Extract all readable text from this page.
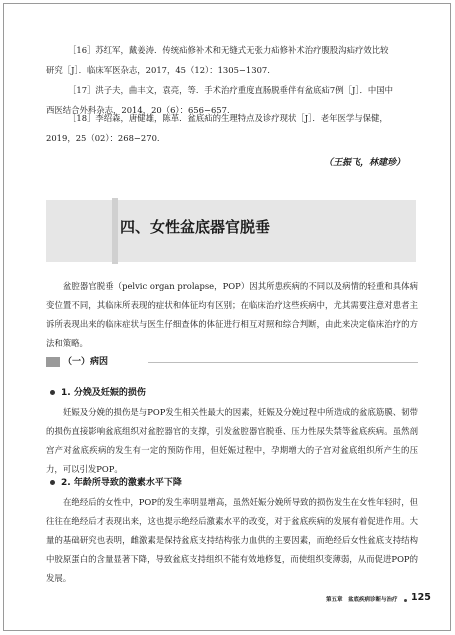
［16］苏红军，戴姜涛．传统疝修补术和无缝式无张力疝修补术治疗腹股沟疝疗效比较
研究［J］．临床军医杂志，2017，45（12）：1305−1307.

［17］洪子夫，曲丰文，袁亮，等．手术治疗重度直肠脱垂伴有盆底疝7例［J］．中国中
西医结合外科杂志，2014，20（6）：656−657.

［18］李绍森，唐健雄，陈革．盆底疝的生理特点及诊疗现状［J］．老年医学与保健，
2019，25（02）：268−270.

（王振飞，林建珍）

四、女性盆底器官脱垂

盆腔器官脱垂（pelvic organ prolapse，POP）因其所患疾病的不同以及病情的轻重和具体病变位置不同，其临床所表现的症状和体征均有区别；在临床治疗这些疾病中，尤其需要注意对患者主诉所表现出来的临床症状与医生仔细查体的体征进行相互对照和综合判断，由此来决定临床治疗的方法和策略。

（一）病因
1. 分娩及妊娠的损伤

妊娠及分娩的损伤是与POP发生相关性最大的因素，妊娠及分娩过程中所造成的盆底筋膜、韧带的损伤直接影响盆底组织对盆腔器官的支撑，引发盆腔器官脱垂、压力性尿失禁等盆底疾病。虽然剖宫产对盆底疾病的发生有一定的预防作用，但妊娠过程中，孕期增大的子宫对盆底组织所产生的压力，可以引发POP。

2. 年龄所导致的激素水平下降

在绝经后的女性中，POP的发生率明显增高，虽然妊娠分娩所导致的损伤发生在女性年轻时，但往往在绝经后才表现出来，这也提示绝经后激素水平的改变，对于盆底疾病的发展有着促进作用。大量的基础研究也表明，雌激素是保持盆底支持结构张力血供的主要因素，而绝经后女性盆底支持结构中胶原蛋白的含量显著下降，导致盆底支持组织不能有效地修复，而使组织变薄弱，从而促进POP的发展。

第五章　盆底疾病诊断与治疗 125
